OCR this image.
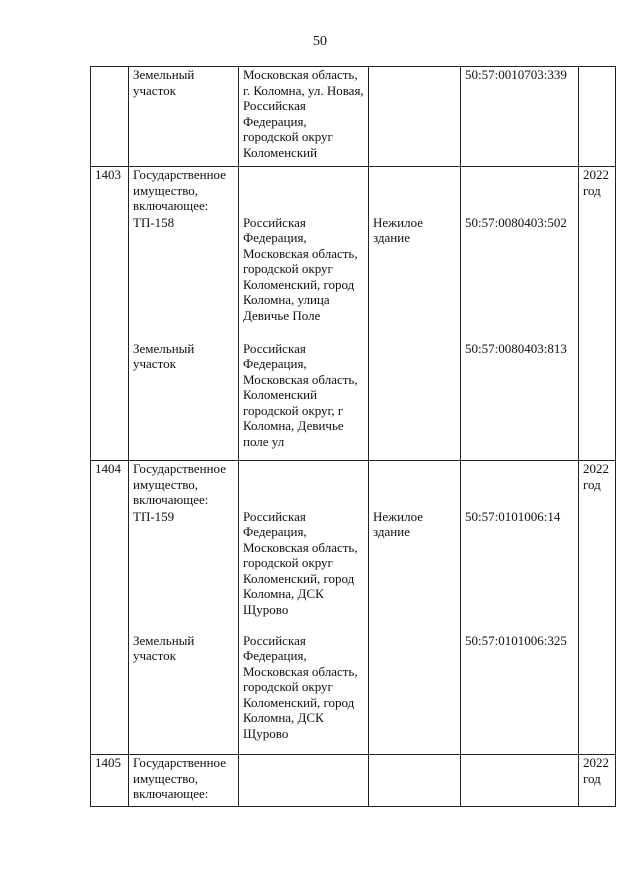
50
	Земельный участок	Московская область, г. Коломна, ул. Новая, Российская Федерация, городской округ Коломенский		50:57:0010703:339	
1403	Государственное имущество, включающее:				2022 год
	ТП-158	Российская Федерация, Московская область, городской округ Коломенский, город Коломна, улица Девичье Поле	Нежилое здание	50:57:0080403:502	
	Земельный участок	Российская Федерация, Московская область, Коломенский городской округ, г Коломна, Девичье поле ул		50:57:0080403:813	
1404	Государственное имущество, включающее:				2022 год
	ТП-159	Российская Федерация, Московская область, городской округ Коломенский, город Коломна, ДСК Щурово	Нежилое здание	50:57:0101006:14	
	Земельный участок	Российская Федерация, Московская область, городской округ Коломенский, город Коломна, ДСК Щурово		50:57:0101006:325	
1405	Государственное имущество, включающее:				2022 год
